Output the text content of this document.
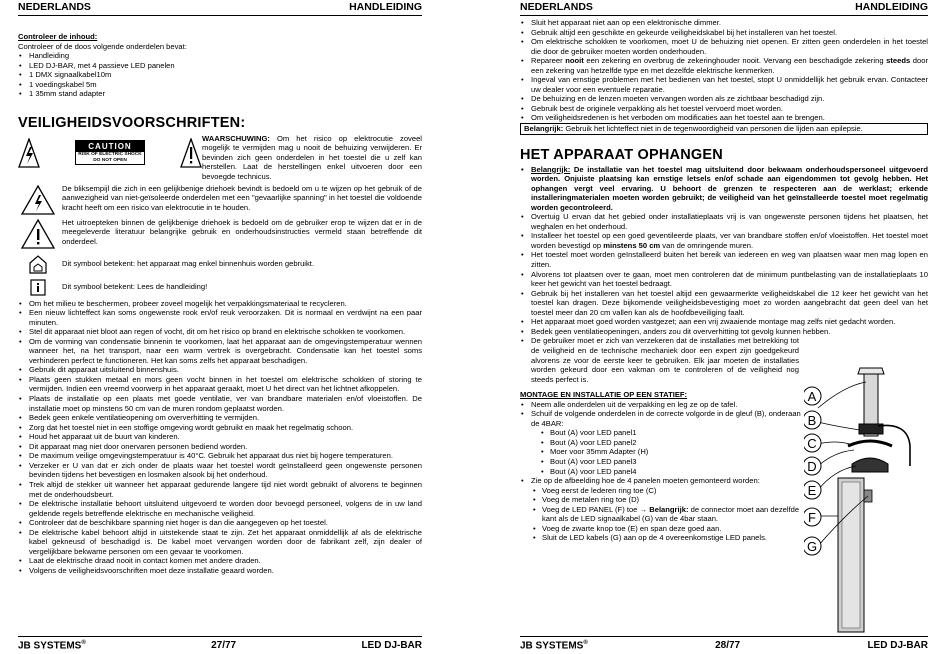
NEDERLANDS	HANDLEIDING

Controleer de inhoud:

Controleer of de doos volgende onderdelen bevat:

• Handleiding
• LED DJ-BAR, met 4 passieve LED panelen
• 1 DMX signaalkabel10m
• 1 voedingskabel 5m
• 1 35mm stand adapter

VEILIGHEIDSVOORSCHRIFTEN:

CAUTION
RISK OF ELECTRIC SHOCK
DO NOT OPEN

WAARSCHUWING: Om het risico op elektrocutie zoveel mogelijk te vermijden mag u nooit de behuizing verwijderen. Er bevinden zich geen onderdelen in het toestel die u zelf kan herstellen. Laat de herstellingen enkel uitvoeren door een bevoegde technicus.

De bliksempijl die zich in een gelijkbenige driehoek bevindt is bedoeld om u te wijzen op het gebruik of de aanwezigheid van niet-geïsoleerde onderdelen met een "gevaarlijke spanning" in het toestel die voldoende kracht heeft om een risico van elektrocutie in te houden.

Het uitroepteken binnen de gelijkbenige driehoek is bedoeld om de gebruiker erop te wijzen dat er in de meegeleverde literatuur belangrijke gebruik en onderhoudsinstructies vermeld staan betreffende dit onderdeel.

Dit symbool betekent: het apparaat mag enkel binnenhuis worden gebruikt.

Dit symbool betekent: Lees de handleiding!

• Om het milieu te beschermen, probeer zoveel mogelijk het verpakkingsmateriaal te recycleren.
• Een nieuw lichteffect kan soms ongewenste rook en/of reuk veroorzaken. Dit is normaal en verdwijnt na een paar minuten.
• Stel dit apparaat niet bloot aan regen of vocht, dit om het risico op brand en elektrische schokken te voorkomen.
• Om de vorming van condensatie binnenin te voorkomen, laat het apparaat aan de omgevingstemperatuur wennen wanneer het, na het transport, naar een warm vertrek is overgebracht. Condensatie kan het toestel soms verhinderen perfect te functioneren. Het kan soms zelfs het apparaat beschadigen.
• Gebruik dit apparaat uitsluitend binnenshuis.
• Plaats geen stukken metaal en mors geen vocht binnen in het toestel om elektrische schokken of storing te vermijden. Indien een vreemd voorwerp in het apparaat geraakt, moet U het direct van het lichtnet afkoppelen.
• Plaats de installatie op een plaats met goede ventilatie, ver van brandbare materialen en/of vloeistoffen. De installatie moet op minstens 50 cm van de muren rondom geplaatst worden.
• Bedek geen enkele ventilatieopening om oververhitting te vermijden.
• Zorg dat het toestel niet in een stoffige omgeving wordt gebruikt en maak het regelmatig schoon.
• Houd het apparaat uit de buurt van kinderen.
• Dit apparaat mag niet door onervaren personen bediend worden.
• De maximum veilige omgevingstemperatuur is 40°C. Gebruik het apparaat dus niet bij hogere temperaturen.
• Verzeker er U van dat er zich onder de plaats waar het toestel wordt geïnstalleerd geen ongewenste personen bevinden tijdens het bevestigen en losmaken alsook bij het onderhoud.
• Trek altijd de stekker uit wanneer het apparaat gedurende langere tijd niet wordt gebruikt of alvorens te beginnen met de onderhoudsbeurt.
• De elektrische installatie behoort uitsluitend uitgevoerd te worden door bevoegd personeel, volgens de in uw land geldende regels betreffende elektrische en mechanische veiligheid.
• Controleer dat de beschikbare spanning niet hoger is dan die aangegeven op het toestel.
• De elektrische kabel behoort altijd in uitstekende staat te zijn. Zet het apparaat onmiddellijk af als de elektrische kabel gekneusd of beschadigd is. De kabel moet vervangen worden door de fabrikant zelf, zijn dealer of vergelijkbare bekwame personen om een gevaar te voorkomen.
• Laat de elektrische draad nooit in contact komen met andere draden.
• Volgens de veiligheidsvoorschriften moet deze installatie geaard worden.
JB SYSTEMS®	27/77	LED DJ-BAR
NEDERLANDS	HANDLEIDING
• Sluit het apparaat niet aan op een elektronische dimmer.
• Gebruik altijd een geschikte en gekeurde veiligheidskabel bij het installeren van het toestel.
• Om elektrische schokken te voorkomen, moet U de behuizing niet openen. Er zitten geen onderdelen in het toestel die door de gebruiker moeten worden onderhouden.
• Repareer nooit een zekering en overbrug de zekeringhouder nooit. Vervang een beschadigde zekering steeds door een zekering van hetzelfde type en met dezelfde elektrische kenmerken.
• Ingeval van ernstige problemen met het bedienen van het toestel, stopt U onmiddellijk het gebruik ervan. Contacteer uw dealer voor een eventuele reparatie.
• De behuizing en de lenzen moeten vervangen worden als ze zichtbaar beschadigd zijn.
• Gebruik best de originele verpakking als het toestel vervoerd moet worden.
• Om veiligheidsredenen is het verboden om modificaties aan het toestel aan te brengen.

Belangrijk: Gebruik het lichteffect niet in de tegenwoordigheid van personen die lijden aan epilepsie.

HET APPARAAT OPHANGEN

• Belangrijk: De installatie van het toestel mag uitsluitend door bekwaam onderhoudspersoneel uitgevoerd worden. Onjuiste plaatsing kan ernstige letsels en/of schade aan eigendommen tot gevolg hebben. Het ophangen vergt veel ervaring. U behoort de grenzen te respecteren aan de werklast; erkende installeringmaterialen moeten worden gebruikt; de veiligheid van het geïnstalleerde toestel moet regelmatig worden gecontroleerd.
• Overtuig U ervan dat het gebied onder installatieplaats vrij is van ongewenste personen tijdens het plaatsen, het weghalen en het onderhoud.
• Installeer het toestel op een goed geventileerde plaats, ver van brandbare stoffen en/of vloeistoffen. Het toestel moet worden bevestigd op minstens 50 cm van de omringende muren.
• Het toestel moet worden geïnstalleerd buiten het bereik van iedereen en weg van plaatsen waar men mag lopen en zitten.
• Alvorens tot plaatsen over te gaan, moet men controleren dat de minimum puntbelasting van de installatieplaats 10 keer het gewicht van het toestel bedraagt.
• Gebruik bij het installeren van het toestel altijd een gewaarmerkte veiligheidskabel die 12 keer het gewicht van het toestel kan dragen. Deze bijkomende veiligheidsbevestiging moet zo worden aangebracht dat geen deel van het toestel meer dan 20 cm vallen kan als de hoofdbeveiliging faalt.
• Het apparaat moet goed worden vastgezet; aan een vrij zwaaiende montage mag zelfs niet gedacht worden.
• Bedek geen ventilatieopeningen, anders zou dit oververhitting tot gevolg kunnen hebben.
• De gebruiker moet er zich van verzekeren dat de installaties met betrekking tot de veiligheid en de technische mechaniek door een expert zijn goedgekeurd alvorens ze voor de eerste keer te gebruiken. Elk jaar moeten de installaties worden gekeurd door een vakman om te controleren of de veiligheid nog steeds perfect is.

MONTAGE EN INSTALLATIE OP EEN STATIEF:

• Neem alle onderdelen uit de verpakking en leg ze op de tafel.
• Schuif de volgende onderdelen in de correcte volgorde in de gleuf (B), onderaan de 4BAR:
• Bout (A) voor LED panel1
• Bout (A) voor LED panel2
• Moer voor 35mm Adapter (H)
• Bout (A) voor LED panel3
• Bout (A) voor LED panel4
• Zie op de afbeelding hoe de 4 panelen moeten gemonteerd worden:
• Voeg eerst de lederen ring toe (C)
• Voeg de metalen ring toe (D)
• Voeg de LED PANEL (F) toe → Belangrijk: de connector moet aan dezelfde kant als de LED signaalkabel (G) van de 4bar staan.
• Voeg de zwarte knop toe (E) en span deze goed aan.
• Sluit de LED kabels (G) aan op de 4 overeenkomstige LED panels.
A
B
C
D
E
F
G
JB SYSTEMS®	28/77	LED DJ-BAR
